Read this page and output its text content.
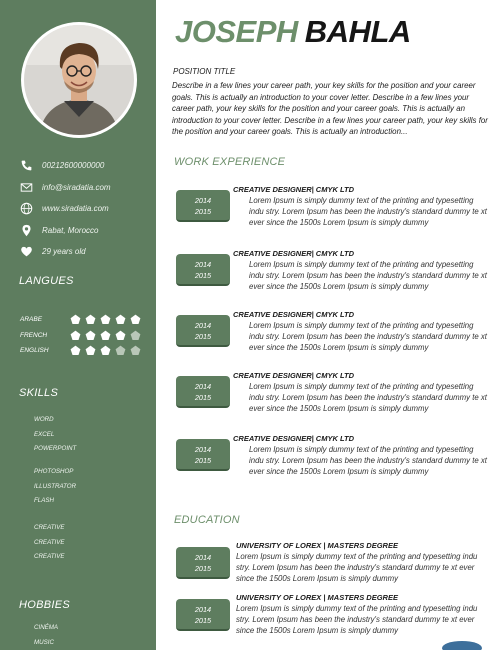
00212600000000
info@siradatia.com
www.siradatia.com
Rabat, Morocco
29 years old
LANGUES
ARABE
FRENCH
ENGLISH
SKILLS
WORD
EXCEL
POWERPOINT
PHOTOSHOP
ILLUSTRATOR
FLASH
CREATIVE
CREATIVE
CREATIVE
HOBBIES
CINÉMA
MUSIC
JOSEPH BAHLA
POSITION TITLE
Describe in a few lines your career path, your key skills for the position and your career goals. This is actually an introduction to your cover letter. Describe in a few lines your career path, your key skills for the position and your career goals. This is actually an introduction to your cover letter. Describe in a few lines your career path, your key skills for the position and your career goals. This is actually an introduction...
WORK EXPERIENCE
2014
2015
CREATIVE DESIGNER| CMYK LTD
Lorem Ipsum is simply dummy text of the printing and typesetting indu stry. Lorem Ipsum has been the industry's standard dummy te xt ever since the 1500s Lorem Ipsum is simply dummy
2014
2015
CREATIVE DESIGNER| CMYK LTD
Lorem Ipsum is simply dummy text of the printing and typesetting indu stry. Lorem Ipsum has been the industry's standard dummy te xt ever since the 1500s Lorem Ipsum is simply dummy
2014
2015
CREATIVE DESIGNER| CMYK LTD
Lorem Ipsum is simply dummy text of the printing and typesetting indu stry. Lorem Ipsum has been the industry's standard dummy te xt ever since the 1500s Lorem Ipsum is simply dummy
2014
2015
CREATIVE DESIGNER| CMYK LTD
Lorem Ipsum is simply dummy text of the printing and typesetting indu stry. Lorem Ipsum has been the industry's standard dummy te xt ever since the 1500s Lorem Ipsum is simply dummy
2014
2015
CREATIVE DESIGNER| CMYK LTD
Lorem Ipsum is simply dummy text of the printing and typesetting indu stry. Lorem Ipsum has been the industry's standard dummy te xt ever since the 1500s Lorem Ipsum is simply dummy
EDUCATION
2014
2015
UNIVERSITY OF LOREX | MASTERS DEGREE
Lorem Ipsum is simply dummy text of the printing and typesetting indu stry. Lorem Ipsum has been the industry's standard dummy te xt ever since the 1500s Lorem Ipsum is simply dummy
2014
2015
UNIVERSITY OF LOREX | MASTERS DEGREE
Lorem Ipsum is simply dummy text of the printing and typesetting indu stry. Lorem Ipsum has been the industry's standard dummy te xt ever since the 1500s Lorem Ipsum is simply dummy
